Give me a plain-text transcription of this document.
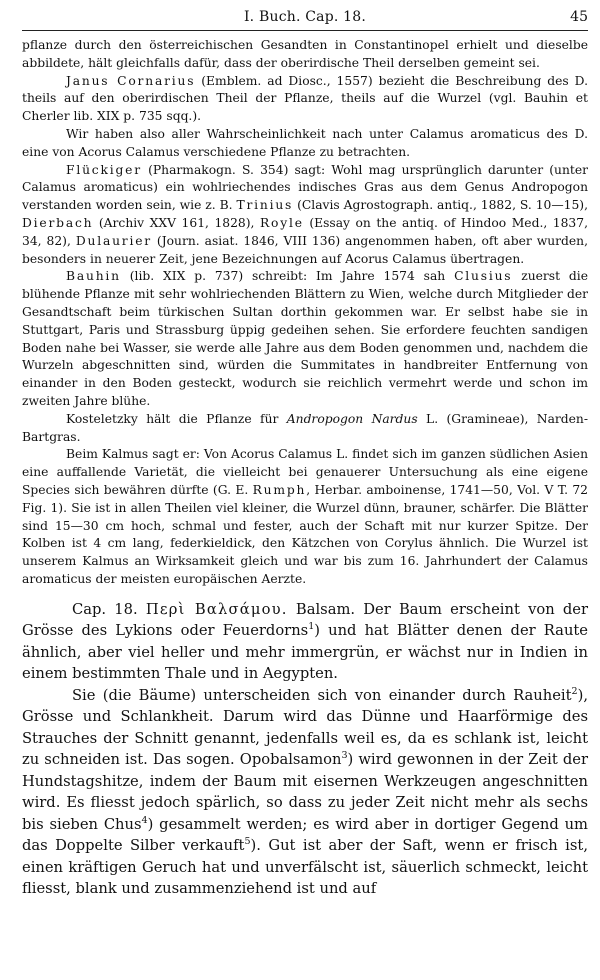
I. Buch. Cap. 18.	45

pflanze durch den österreichischen Gesandten in Constantinopel erhielt und dieselbe abbildete, hält gleichfalls dafür, dass der oberirdische Theil derselben gemeint sei.

Janus Cornarius (Emblem. ad Diosc., 1557) bezieht die Beschreibung des D. theils auf den oberirdischen Theil der Pflanze, theils auf die Wurzel (vgl. Bauhin et Cherler lib. XIX p. 735 sqq.).

Wir haben also aller Wahrscheinlichkeit nach unter Calamus aromaticus des D. eine von Acorus Calamus verschiedene Pflanze zu betrachten.

Flückiger (Pharmakogn. S. 354) sagt: Wohl mag ursprünglich darunter (unter Calamus aromaticus) ein wohlriechendes indisches Gras aus dem Genus Andropogon verstanden worden sein, wie z. B. Trinius (Clavis Agrostograph. antiq., 1882, S. 10—15), Dierbach (Archiv XXV 161, 1828), Royle (Essay on the antiq. of Hindoo Med., 1837, 34, 82), Dulaurier (Journ. asiat. 1846, VIII 136) angenommen haben, oft aber wurden, besonders in neuerer Zeit, jene Bezeichnungen auf Acorus Calamus übertragen.

Bauhin (lib. XIX p. 737) schreibt: Im Jahre 1574 sah Clusius zuerst die blühende Pflanze mit sehr wohlriechenden Blättern zu Wien, welche durch Mitglieder der Gesandtschaft beim türkischen Sultan dorthin gekommen war. Er selbst habe sie in Stuttgart, Paris und Strassburg üppig gedeihen sehen. Sie erfordere feuchten sandigen Boden nahe bei Wasser, sie werde alle Jahre aus dem Boden genommen und, nachdem die Wurzeln abgeschnitten sind, würden die Summitates in handbreiter Entfernung von einander in den Boden gesteckt, wodurch sie reichlich vermehrt werde und schon im zweiten Jahre blühe.

Kosteletzky hält die Pflanze für Andropogon Nardus L. (Gramineae), Narden-Bartgras.

Beim Kalmus sagt er: Von Acorus Calamus L. findet sich im ganzen südlichen Asien eine auffallende Varietät, die vielleicht bei genauerer Untersuchung als eine eigene Species sich bewähren dürfte (G. E. Rumph, Herbar. amboinense, 1741—50, Vol. V T. 72 Fig. 1). Sie ist in allen Theilen viel kleiner, die Wurzel dünn, brauner, schärfer. Die Blätter sind 15—30 cm hoch, schmal und fester, auch der Schaft mit nur kurzer Spitze. Der Kolben ist 4 cm lang, federkieldick, den Kätzchen von Corylus ähnlich. Die Wurzel ist unserem Kalmus an Wirksamkeit gleich und war bis zum 16. Jahrhundert der Calamus aromaticus der meisten europäischen Aerzte.

Cap. 18. Περὶ Βαλσάμου. Balsam. Der Baum erscheint von der Grösse des Lykions oder Feuerdorns$^1$) und hat Blätter denen der Raute ähnlich, aber viel heller und mehr immergrün, er wächst nur in Indien in einem bestimmten Thale und in Aegypten.

Sie (die Bäume) unterscheiden sich von einander durch Rauheit$^2$), Grösse und Schlankheit. Darum wird das Dünne und Haarförmige des Strauches der Schnitt genannt, jedenfalls weil es, da es schlank ist, leicht zu schneiden ist. Das sogen. Opobalsamon$^3$) wird gewonnen in der Zeit der Hundstagshitze, indem der Baum mit eisernen Werkzeugen angeschnitten wird. Es fliesst jedoch spärlich, so dass zu jeder Zeit nicht mehr als sechs bis sieben Chus$^4$) gesammelt werden; es wird aber in dortiger Gegend um das Doppelte Silber verkauft$^5$). Gut ist aber der Saft, wenn er frisch ist, einen kräftigen Geruch hat und unverfälscht ist, säuerlich schmeckt, leicht fliesst, blank und zusammenziehend ist und auf
